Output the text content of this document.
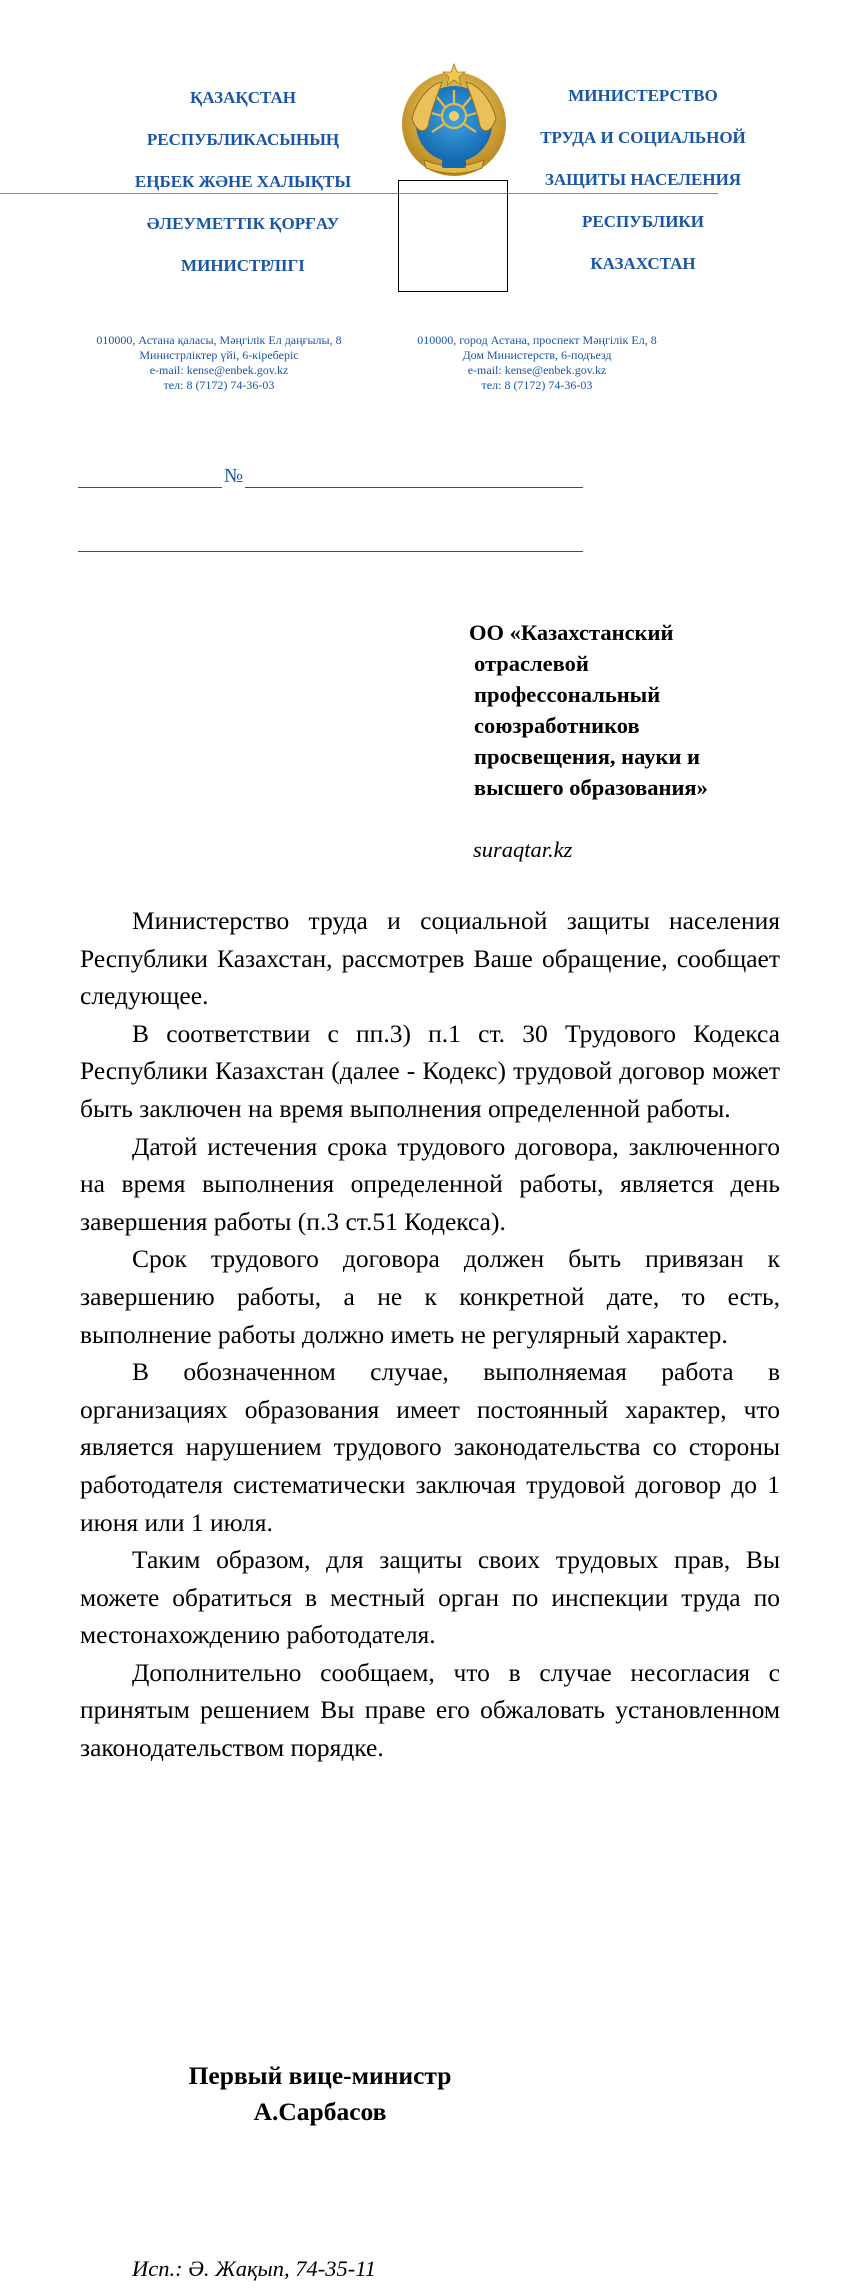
ҚАЗАҚСТАН

РЕСПУБЛИКАСЫНЫҢ

ЕҢБЕК ЖӘНЕ ХАЛЫҚТЫ

ӘЛЕУМЕТТІК ҚОРҒАУ

МИНИСТРЛІГІ

МИНИСТЕРСТВО

ТРУДА И СОЦИАЛЬНОЙ

ЗАЩИТЫ НАСЕЛЕНИЯ

РЕСПУБЛИКИ

КАЗАХСТАН

010000, Астана қаласы, Мәңгілік Ел даңғылы, 8
Министрліктер үйі, 6-кіреберіс
e-mail: kense@enbek.gov.kz
тел: 8 (7172) 74-36-03
010000, город Астана, проспект Мәңгілік Ел, 8
Дом Министерств, 6-подъезд
e-mail: kense@enbek.gov.kz
тел: 8 (7172) 74-36-03
№
ОО «Казахстанский
отраслевой
профессональный
союзработников
просвещения, науки и
высшего образования»
suraqtar.kz

Министерство труда и социальной защиты населения Республики Казахстан, рассмотрев Ваше обращение, сообщает следующее.

В соответствии с пп.3) п.1 ст. 30 Трудового Кодекса Республики Казахстан (далее - Кодекс) трудовой договор может быть заключен на время выполнения определенной работы.

Датой истечения срока трудового договора, заключенного на время выполнения определенной работы, является день завершения работы (п.3 ст.51 Кодекса).

Срок трудового договора должен быть привязан к завершению работы, а не к конкретной дате, то есть, выполнение работы должно иметь не регулярный характер.

В обозначенном случае, выполняемая работа в организациях образования имеет постоянный характер, что является нарушением трудового законодательства со стороны работодателя систематически заключая трудовой договор до 1 июня или 1 июля.

Таким образом, для защиты своих трудовых прав, Вы можете обратиться в местный орган по инспекции труда по местонахождению работодателя.

Дополнительно сообщаем, что в случае несогласия с принятым решением Вы праве его обжаловать установленном законодательством порядке.

Первый вице-министр
А.Сарбасов
Исп.: Ә. Жақып, 74-35-11
